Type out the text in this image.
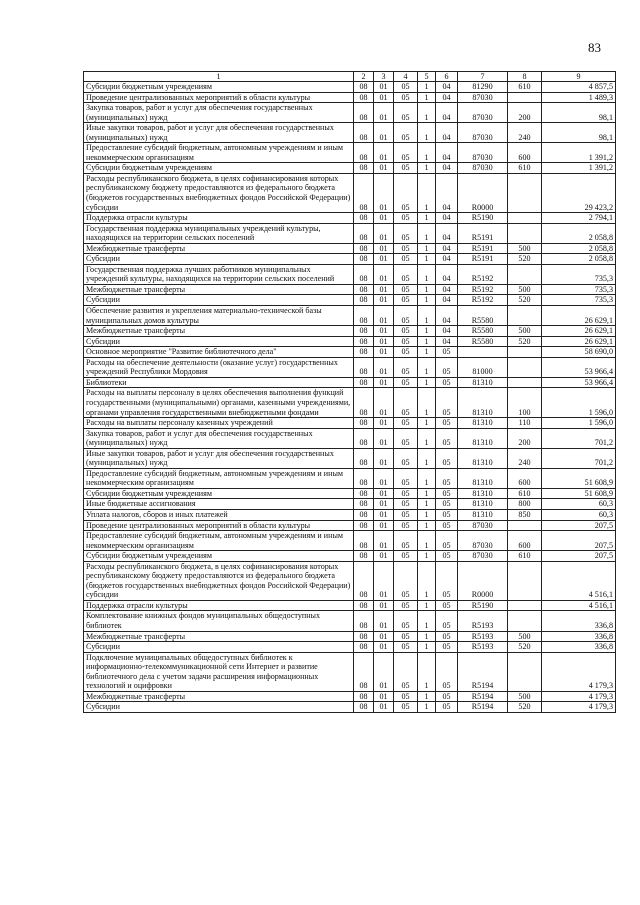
83
1	2	3	4	5	6	7	8	9
Субсидии бюджетным учреждениям	08	01	05	1	04	81290	610	4 857,5
Проведение централизованных мероприятий в области культуры	08	01	05	1	04	87030		1 489,3
Закупка товаров, работ и услуг для обеспечения государственных (муниципальных) нужд	08	01	05	1	04	87030	200	98,1
Иные закупки товаров, работ и услуг для обеспечения государственных (муниципальных) нужд	08	01	05	1	04	87030	240	98,1
Предоставление субсидий бюджетным, автономным учреждениям и иным некоммерческим организациям	08	01	05	1	04	87030	600	1 391,2
Субсидии бюджетным учреждениям	08	01	05	1	04	87030	610	1 391,2
Расходы республиканского бюджета, в целях софинансирования которых республиканскому бюджету предоставляются из федерального бюджета (бюджетов государственных внебюджетных фондов Российской Федерации) субсидии	08	01	05	1	04	R0000		29 423,2
Поддержка отрасли культуры	08	01	05	1	04	R5190		2 794,1
Государственная поддержка муниципальных учреждений культуры, находящихся на территории сельских поселений	08	01	05	1	04	R5191		2 058,8
Межбюджетные трансферты	08	01	05	1	04	R5191	500	2 058,8
Субсидии	08	01	05	1	04	R5191	520	2 058,8
Государственная поддержка лучших работников муниципальных учреждений культуры, находящихся на территории сельских поселений	08	01	05	1	04	R5192		735,3
Межбюджетные трансферты	08	01	05	1	04	R5192	500	735,3
Субсидии	08	01	05	1	04	R5192	520	735,3
Обеспечение развития и укрепления материально-технической базы муниципальных домов культуры	08	01	05	1	04	R5580		26 629,1
Межбюджетные трансферты	08	01	05	1	04	R5580	500	26 629,1
Субсидии	08	01	05	1	04	R5580	520	26 629,1
Основное мероприятие "Развитие библиотечного дела"	08	01	05	1	05			58 690,0
Расходы на обеспечение деятельности (оказание услуг) государственных учреждений Республики Мордовия	08	01	05	1	05	81000		53 966,4
Библиотеки	08	01	05	1	05	81310		53 966,4
Расходы на выплаты персоналу в целях обеспечения выполнения функций государственными (муниципальными) органами, казенными учреждениями, органами управления государственными внебюджетными фондами	08	01	05	1	05	81310	100	1 596,0
Расходы на выплаты персоналу казенных учреждений	08	01	05	1	05	81310	110	1 596,0
Закупка товаров, работ и услуг для обеспечения государственных (муниципальных) нужд	08	01	05	1	05	81310	200	701,2
Иные закупки товаров, работ и услуг для обеспечения государственных (муниципальных) нужд	08	01	05	1	05	81310	240	701,2
Предоставление субсидий бюджетным, автономным учреждениям и иным некоммерческим организациям	08	01	05	1	05	81310	600	51 608,9
Субсидии бюджетным учреждениям	08	01	05	1	05	81310	610	51 608,9
Иные бюджетные ассигнования	08	01	05	1	05	81310	800	60,3
Уплата налогов, сборов и иных платежей	08	01	05	1	05	81310	850	60,3
Проведение централизованных мероприятий в области культуры	08	01	05	1	05	87030		207,5
Предоставление субсидий бюджетным, автономным учреждениям и иным некоммерческим организациям	08	01	05	1	05	87030	600	207,5
Субсидии бюджетным учреждениям	08	01	05	1	05	87030	610	207,5
Расходы республиканского бюджета, в целях софинансирования которых республиканскому бюджету предоставляются из федерального бюджета (бюджетов государственных внебюджетных фондов Российской Федерации) субсидии	08	01	05	1	05	R0000		4 516,1
Поддержка отрасли культуры	08	01	05	1	05	R5190		4 516,1
Комплектование книжных фондов муниципальных общедоступных библиотек	08	01	05	1	05	R5193		336,8
Межбюджетные трансферты	08	01	05	1	05	R5193	500	336,8
Субсидии	08	01	05	1	05	R5193	520	336,8
Подключение муниципальных общедоступных библиотек к информационно-телекоммуникационной сети Интернет и развитие библиотечного дела с учетом задачи расширения информационных технологий и оцифровки	08	01	05	1	05	R5194		4 179,3
Межбюджетные трансферты	08	01	05	1	05	R5194	500	4 179,3
Субсидии	08	01	05	1	05	R5194	520	4 179,3
